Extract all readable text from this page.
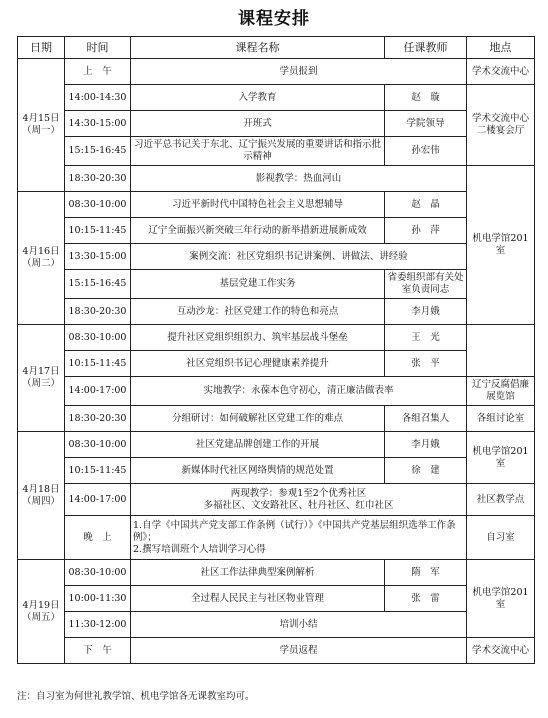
课程安排
日期	时间	课程名称	任课教师	地点

4月15日
（周一）	上　午	学员报到		学术交流中心
	14:00-14:30	入学教育	赵　璇	学术交流中心二楼宴会厅
	14:30-15:00	开班式	学院领导	
	15:15-16:45	习近平总书记关于东北、辽宁振兴发展的重要讲话和指示批示精神	孙宏伟	
	18:30-20:30	影视教学：热血河山		机电学馆201室

4月16日
（周二）	08:30-10:00	习近平新时代中国特色社会主义思想辅导	赵　晶	
	10:15-11:45	辽宁全面振兴新突破三年行动的新举措新进展新成效	孙　萍	
	13:30-15:00	案例交流：社区党组织书记讲案例、讲做法、讲经验		
	15:15-16:45	基层党建工作实务	省委组织部有关处室负责同志	
	18:30-20:30	互动沙龙：社区党建工作的特色和亮点	李月娥	

4月17日
（周三）	08:30-10:00	提升社区党组织组织力、筑牢基层战斗堡垒	王　光	
	10:15-11:45	社区党组织书记心理健康素养提升	张　平	
	14:00-17:00	实地教学：永葆本色守初心，清正廉洁做表率		辽宁反腐倡廉展览馆
	18:30-20:30	分组研讨：如何破解社区党建工作的难点	各组召集人	各组讨论室

4月18日
（周四）	08:30-10:00	社区党建品牌创建工作的开展	李月娥	机电学馆201室
	10:15-11:45	新媒体时代社区网络舆情的规范处置	徐　建	
	14:00-17:00	两现教学：参观1至2个优秀社区
多福社区、文安路社区、牡丹社区、红巾社区		社区教学点
	晚　上	1.自学《中国共产党支部工作条例（试行）》《中国共产党基层组织选举工作条例》；
2.撰写培训班个人培训学习心得		自习室

4月19日
（周五）	08:30-10:00	社区工作法律典型案例解析	隋　军	机电学馆201室
	10:00-11:30	全过程人民民主与社区物业管理	张　雷	
	11:30-12:00	培训小结		
	下　午	学员返程		学术交流中心
注：自习室为何世礼教学馆、机电学馆各无课教室均可。
